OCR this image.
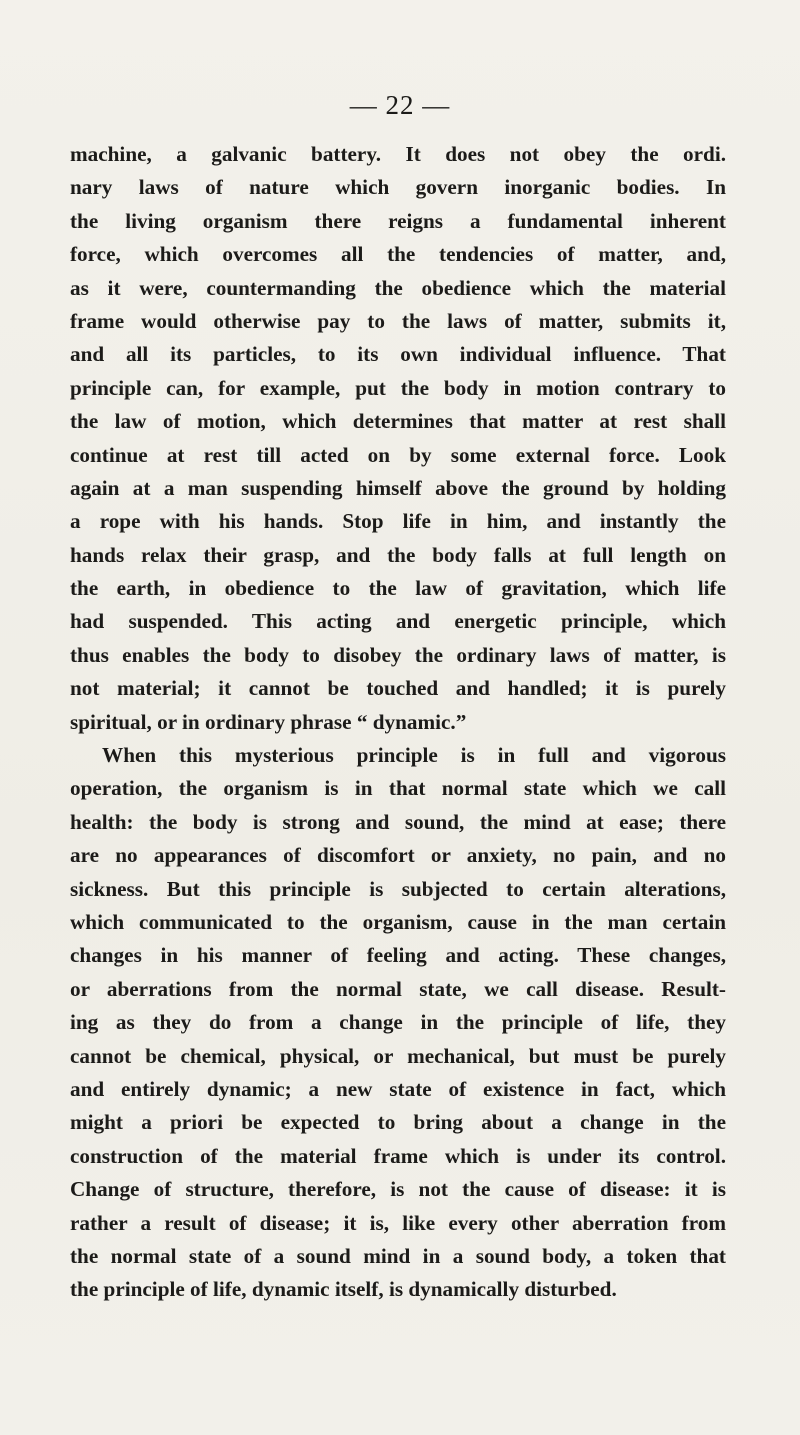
— 22 —
machine, a galvanic battery. It does not obey the ordi.
nary laws of nature which govern inorganic bodies. In
the living organism there reigns a fundamental inherent
force, which overcomes all the tendencies of matter, and,
as it were, countermanding the obedience which the material
frame would otherwise pay to the laws of matter, submits it,
and all its particles, to its own individual influence. That
principle can, for example, put the body in motion contrary to
the law of motion, which determines that matter at rest shall
continue at rest till acted on by some external force. Look
again at a man suspending himself above the ground by holding
a rope with his hands. Stop life in him, and instantly the
hands relax their grasp, and the body falls at full length on
the earth, in obedience to the law of gravitation, which life
had suspended. This acting and energetic principle, which
thus enables the body to disobey the ordinary laws of matter, is
not material; it cannot be touched and handled; it is purely
spiritual, or in ordinary phrase “ dynamic.”
When this mysterious principle is in full and vigorous
operation, the organism is in that normal state which we call
health: the body is strong and sound, the mind at ease; there
are no appearances of discomfort or anxiety, no pain, and no
sickness. But this principle is subjected to certain alterations,
which communicated to the organism, cause in the man certain
changes in his manner of feeling and acting. These changes,
or aberrations from the normal state, we call disease. Result-
ing as they do from a change in the principle of life, they
cannot be chemical, physical, or mechanical, but must be purely
and entirely dynamic; a new state of existence in fact, which
might a priori be expected to bring about a change in the
construction of the material frame which is under its control.
Change of structure, therefore, is not the cause of disease: it is
rather a result of disease; it is, like every other aberration from
the normal state of a sound mind in a sound body, a token that
the principle of life, dynamic itself, is dynamically disturbed.
